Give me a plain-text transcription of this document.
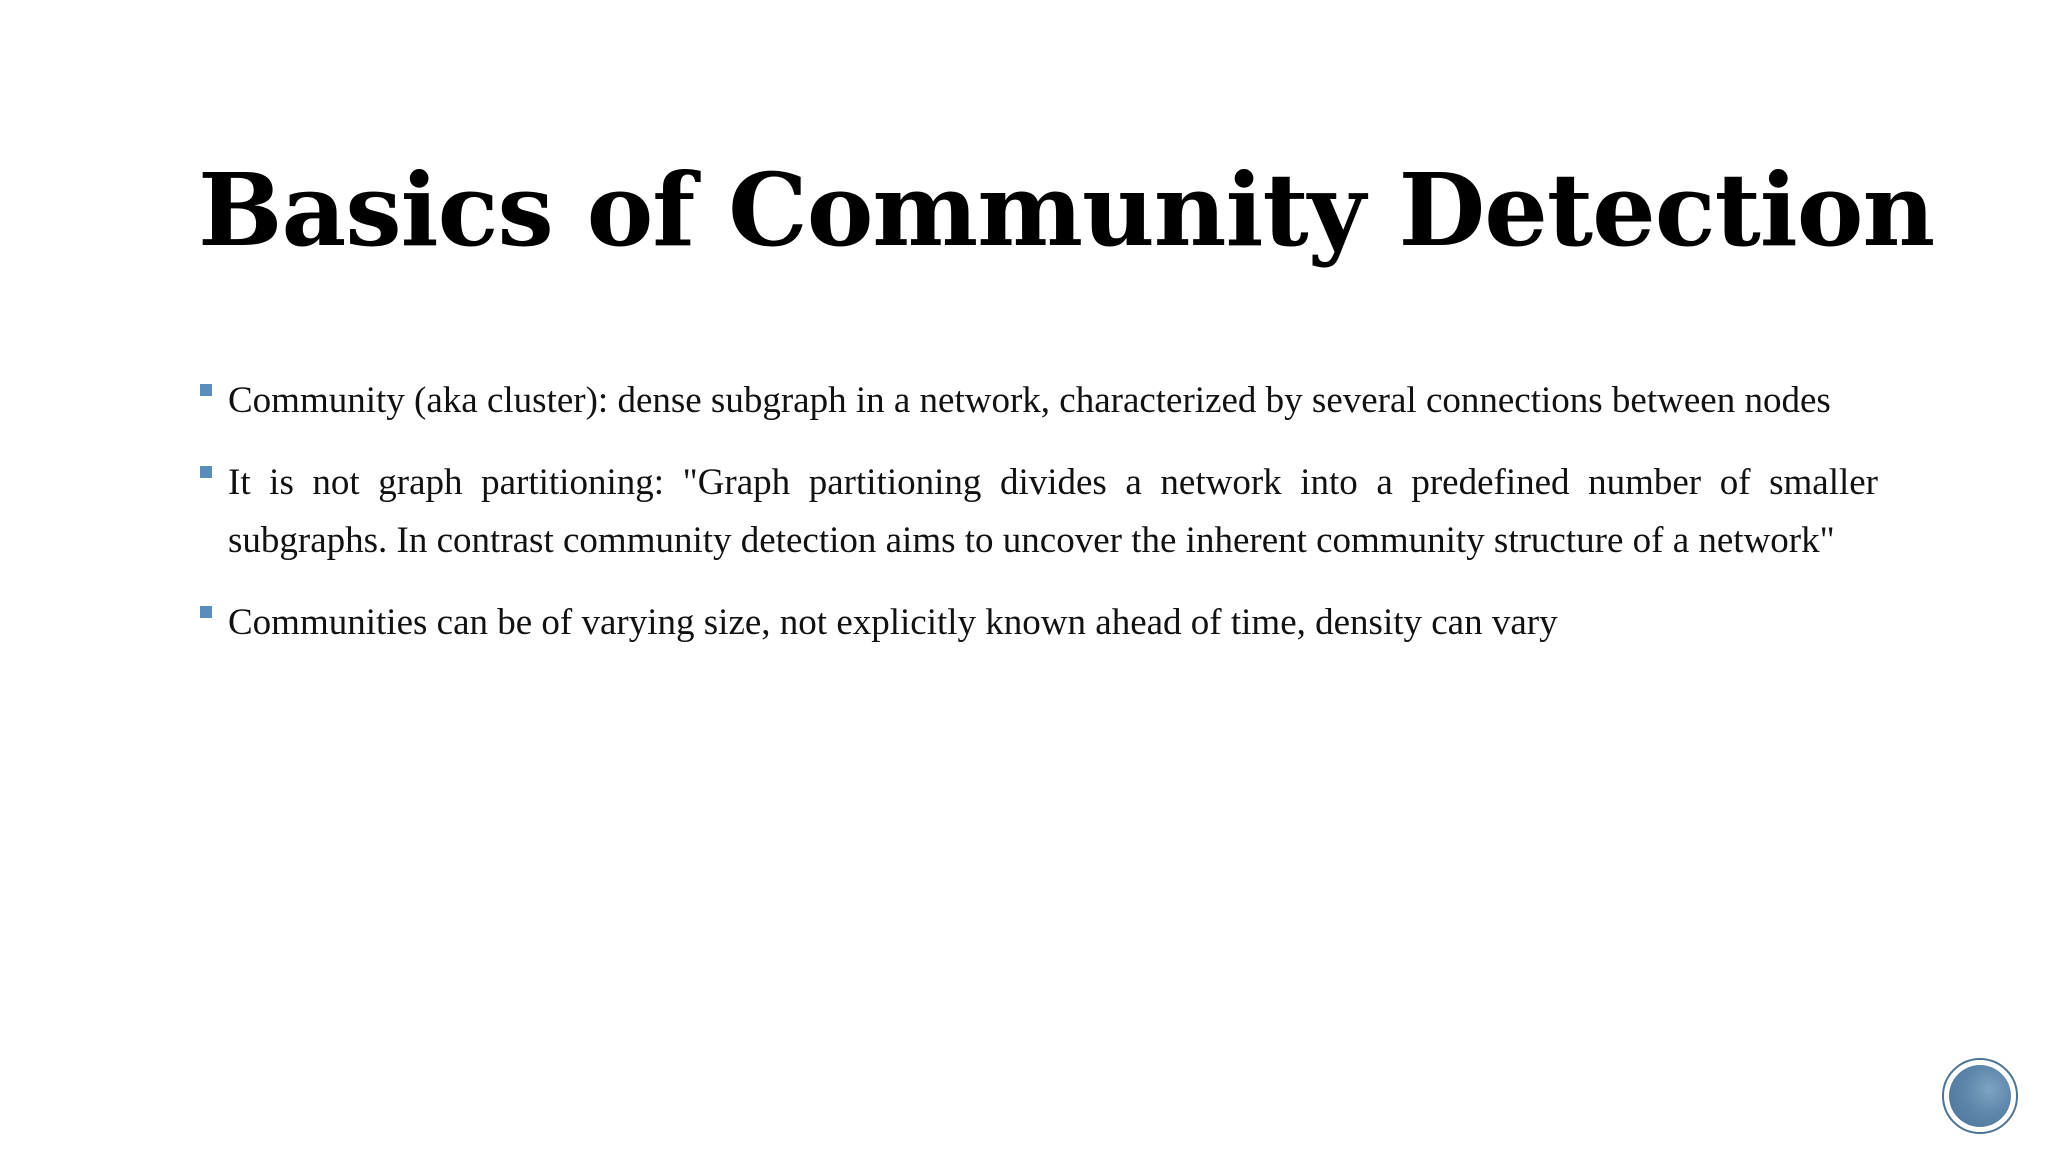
Basics of Community Detection
Community (aka cluster): dense subgraph in a network, characterized by several connections between nodes
It is not graph partitioning: "Graph partitioning divides a network into a predefined number of smaller subgraphs. In contrast community detection aims to uncover the inherent community structure of a network"
Communities can be of varying size, not explicitly known ahead of time, density can vary
